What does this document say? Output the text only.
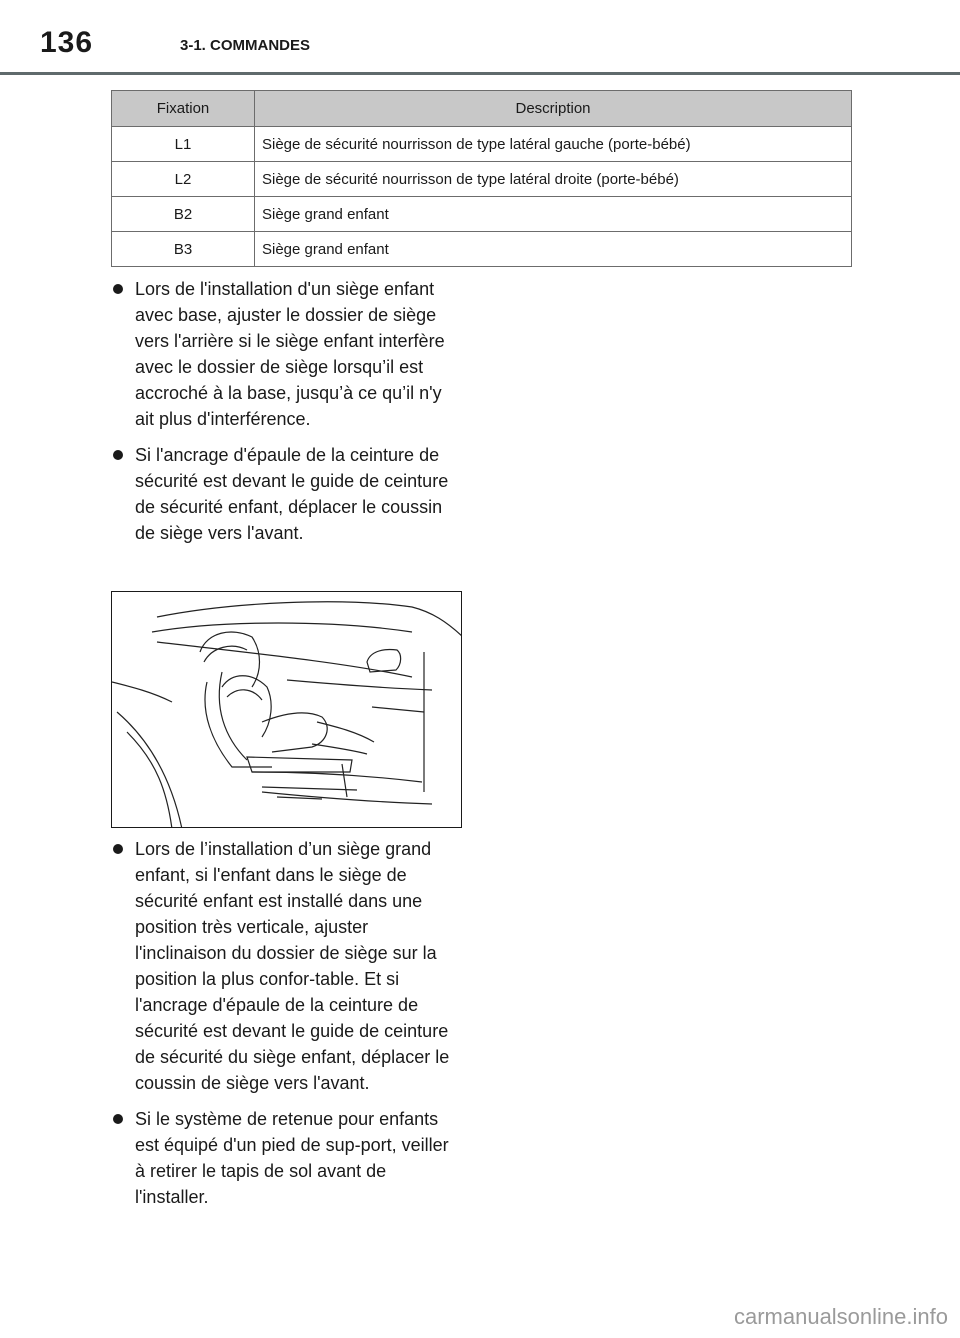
136	3-1. COMMANDES
Fixation	Description
L1	Siège de sécurité nourrisson de type latéral gauche (porte-bébé)
L2	Siège de sécurité nourrisson de type latéral droite (porte-bébé)
B2	Siège grand enfant
B3	Siège grand enfant
Lors de l'installation d'un siège enfant avec base, ajuster le dossier de siège vers l'arrière si le siège enfant interfère avec le dossier de siège lorsqu’il est accroché à la base, jusqu’à ce qu’il n'y ait plus d'interférence.
Si l'ancrage d'épaule de la ceinture de sécurité est devant le guide de ceinture de sécurité enfant, déplacer le coussin de siège vers l'avant.
Lors de l’installation d’un siège grand enfant, si l'enfant dans le siège de sécurité enfant est installé dans une position très verticale, ajuster l'inclinaison du dossier de siège sur la position la plus confor-table. Et si l'ancrage d'épaule de la ceinture de sécurité est devant le guide de ceinture de sécurité du siège enfant, déplacer le coussin de siège vers l'avant.
Si le système de retenue pour enfants est équipé d'un pied de sup-port, veiller à retirer le tapis de sol avant de l'installer.
carmanualsonline.info
